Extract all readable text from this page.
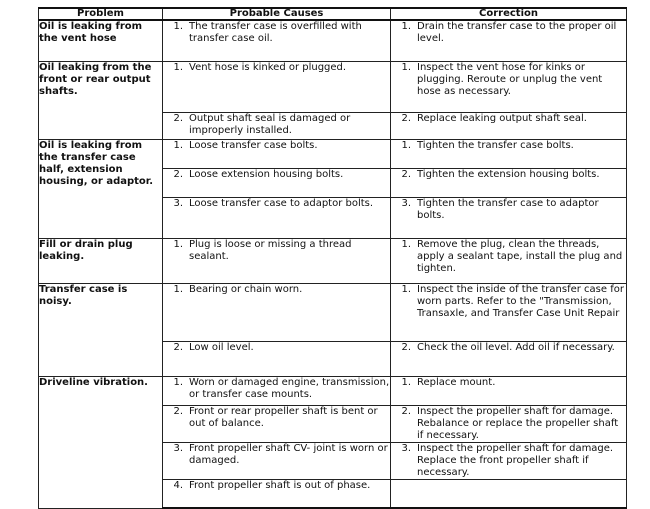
Problem	Probable Causes	Correction
Oil is leaking from the vent hose	1. The transfer case is overfilled with transfer case oil.	1. Drain the transfer case to the proper oil level.

Oil leaking from the front or rear output shafts.	1. Vent hose is kinked or plugged.	1. Inspect the vent hose for kinks or plugging. Reroute or unplug the vent hose as necessary.

	2. Output shaft seal is damaged or improperly installed.	2. Replace leaking output shaft seal.

Oil is leaking from the transfer case half, extension housing, or adaptor.	1. Loose transfer case bolts.	1. Tighten the transfer case bolts.

	2. Loose extension housing bolts.	2. Tighten the extension housing bolts.

	3. Loose transfer case to adaptor bolts.	3. Tighten the transfer case to adaptor bolts.

Fill or drain plug leaking.	1. Plug is loose or missing a thread sealant.	1. Remove the plug, clean the threads, apply a sealant tape, install the plug and tighten.

Transfer case is noisy.	1. Bearing or chain worn.	1. Inspect the inside of the transfer case for worn parts. Refer to the "Transmission, Transaxle, and Transfer Case Unit Repair

	2. Low oil level.	2. Check the oil level. Add oil if necessary.

Driveline vibration.	1. Worn or damaged engine, transmission, or transfer case mounts.	1. Replace mount.

	2. Front or rear propeller shaft is bent or out of balance.	2. Inspect the propeller shaft for damage. Rebalance or replace the propeller shaft if necessary.

	3. Front propeller shaft CV- joint is worn or damaged.	3. Inspect the propeller shaft for damage. Replace the front propeller shaft if necessary.

	4. Front propeller shaft is out of phase.	
